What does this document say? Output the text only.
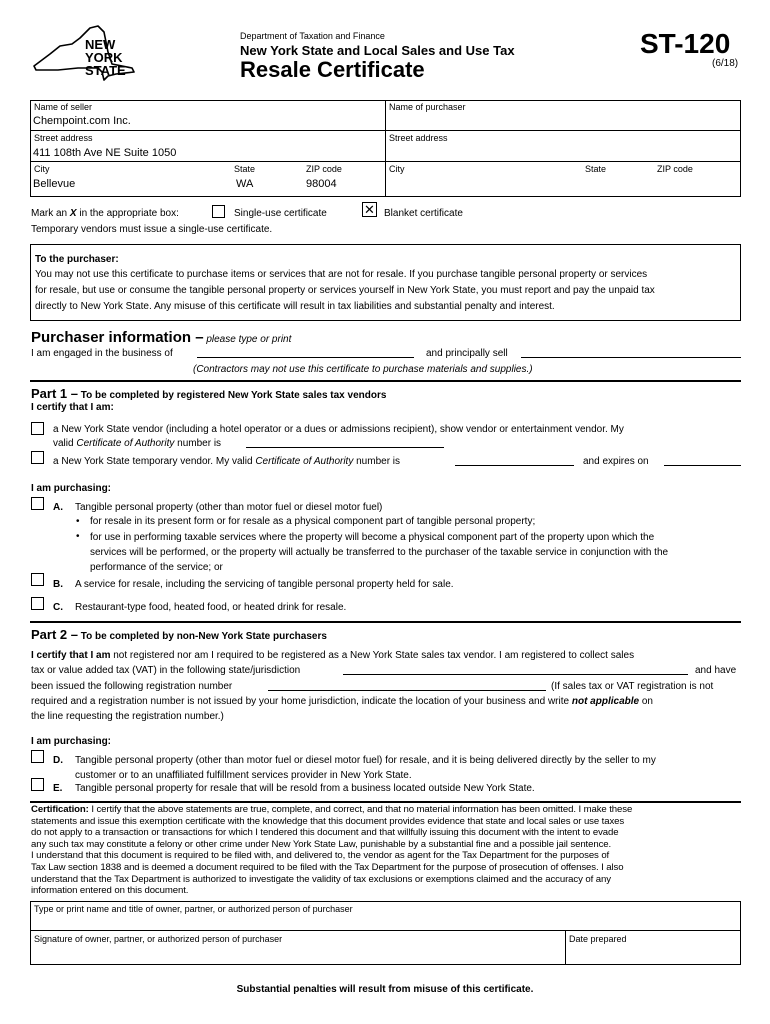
NEW
YORK
STATE
Department of Taxation and Finance
New York State and Local Sales and Use Tax
Resale Certificate
ST-120
(6/18)
Name of seller
Chempoint.com Inc.
Street address
411 108th Ave NE Suite 1050
City
Bellevue
State
WA
ZIP code
98004
Name of purchaser
Street address
City	State	ZIP code
Mark an X in the appropriate box:	Single-use certificate	✕ Blanket certificate
Temporary vendors must issue a single-use certificate.
To the purchaser:
You may not use this certificate to purchase items or services that are not for resale. If you purchase tangible personal property or services
for resale, but use or consume the tangible personal property or services yourself in New York State, you must report and pay the unpaid tax
directly to New York State. Any misuse of this certificate will result in tax liabilities and substantial penalty and interest.
Purchaser information – please type or print
I am engaged in the business of	and principally sell
(Contractors may not use this certificate to purchase materials and supplies.)
Part 1 – To be completed by registered New York State sales tax vendors
I certify that I am:
a New York State vendor (including a hotel operator or a dues or admissions recipient), show vendor or entertainment vendor. My
valid Certificate of Authority number is
a New York State temporary vendor. My valid Certificate of Authority number is	and expires on
I am purchasing:
A. Tangible personal property (other than motor fuel or diesel motor fuel)
• for resale in its present form or for resale as a physical component part of tangible personal property;
• for use in performing taxable services where the property will become a physical component part of the property upon which the
services will be performed, or the property will actually be transferred to the purchaser of the taxable service in conjunction with the
performance of the service; or
B. A service for resale, including the servicing of tangible personal property held for sale.
C. Restaurant-type food, heated food, or heated drink for resale.
Part 2 – To be completed by non-New York State purchasers
I certify that I am not registered nor am I required to be registered as a New York State sales tax vendor. I am registered to collect sales
tax or value added tax (VAT) in the following state/jurisdiction	and have
been issued the following registration number	(If sales tax or VAT registration is not
required and a registration number is not issued by your home jurisdiction, indicate the location of your business and write not applicable on
the line requesting the registration number.)
I am purchasing:
D. Tangible personal property (other than motor fuel or diesel motor fuel) for resale, and it is being delivered directly by the seller to my
customer or to an unaffiliated fulfillment services provider in New York State.
E. Tangible personal property for resale that will be resold from a business located outside New York State.
Certification: I certify that the above statements are true, complete, and correct, and that no material information has been omitted. I make these
statements and issue this exemption certificate with the knowledge that this document provides evidence that state and local sales or use taxes
do not apply to a transaction or transactions for which I tendered this document and that willfully issuing this document with the intent to evade
any such tax may constitute a felony or other crime under New York State Law, punishable by a substantial fine and a possible jail sentence.
I understand that this document is required to be filed with, and delivered to, the vendor as agent for the Tax Department for the purposes of
Tax Law section 1838 and is deemed a document required to be filed with the Tax Department for the purpose of prosecution of offenses. I also
understand that the Tax Department is authorized to investigate the validity of tax exclusions or exemptions claimed and the accuracy of any
information entered on this document.
Type or print name and title of owner, partner, or authorized person of purchaser
Signature of owner, partner, or authorized person of purchaser	Date prepared
Substantial penalties will result from misuse of this certificate.
